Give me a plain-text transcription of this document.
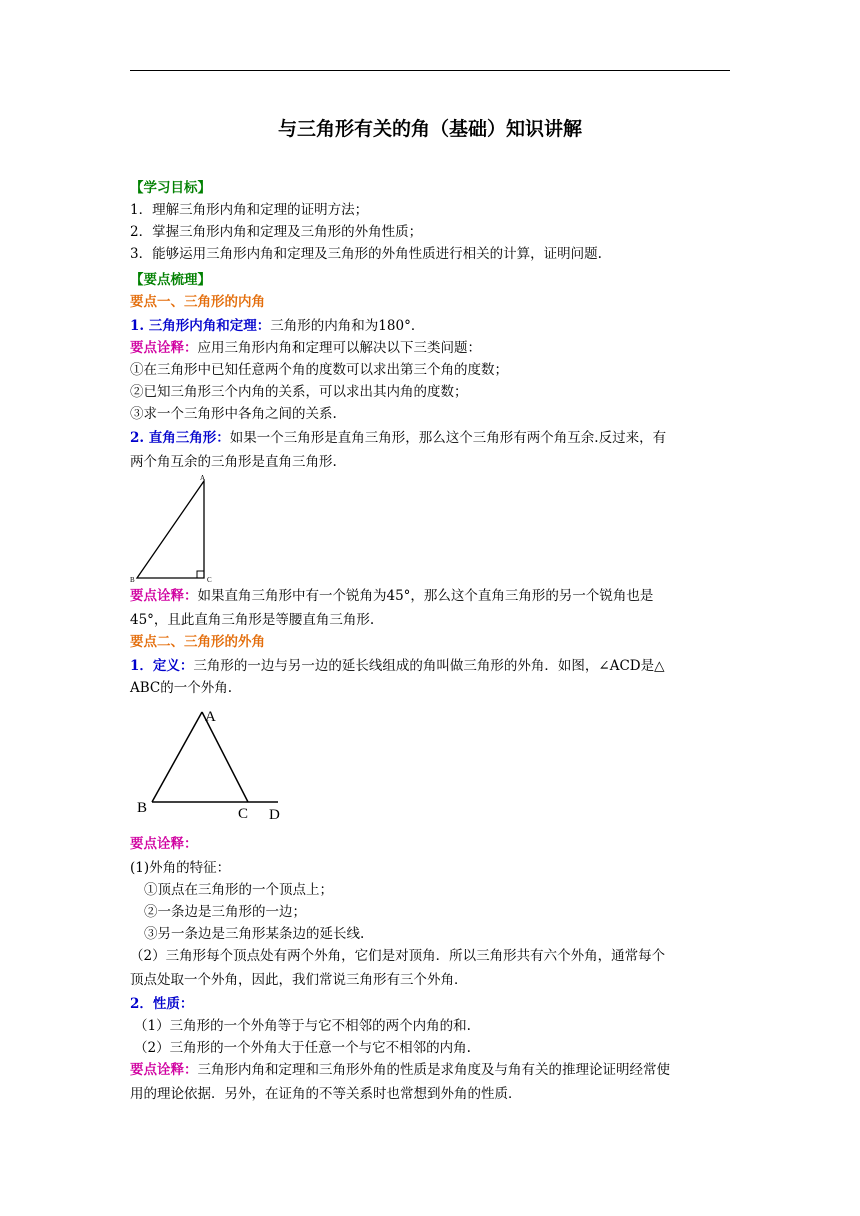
与三角形有关的角（基础）知识讲解
【学习目标】
1．理解三角形内角和定理的证明方法；
2．掌握三角形内角和定理及三角形的外角性质；
3．能够运用三角形内角和定理及三角形的外角性质进行相关的计算，证明问题.
【要点梳理】
要点一、三角形的内角
1. 三角形内角和定理：三角形的内角和为180°．
要点诠释：应用三角形内角和定理可以解决以下三类问题：
①在三角形中已知任意两个角的度数可以求出第三个角的度数；
②已知三角形三个内角的关系，可以求出其内角的度数；
③求一个三角形中各角之间的关系.
2. 直角三角形：如果一个三角形是直角三角形，那么这个三角形有两个角互余.反过来，有
两个角互余的三角形是直角三角形.
A
B	C
要点诠释：如果直角三角形中有一个锐角为45°，那么这个直角三角形的另一个锐角也是
45°，且此直角三角形是等腰直角三角形.
要点二、三角形的外角
1．定义：三角形的一边与另一边的延长线组成的角叫做三角形的外角．如图，∠ACD是△
ABC的一个外角.
A
B	C D
要点诠释：
(1)外角的特征：
①顶点在三角形的一个顶点上；
②一条边是三角形的一边；
③另一条边是三角形某条边的延长线.
（2）三角形每个顶点处有两个外角，它们是对顶角．所以三角形共有六个外角，通常每个
顶点处取一个外角，因此，我们常说三角形有三个外角．
2．性质：
（1）三角形的一个外角等于与它不相邻的两个内角的和.
（2）三角形的一个外角大于任意一个与它不相邻的内角.
要点诠释：三角形内角和定理和三角形外角的性质是求角度及与角有关的推理论证明经常使
用的理论依据．另外，在证角的不等关系时也常想到外角的性质．
